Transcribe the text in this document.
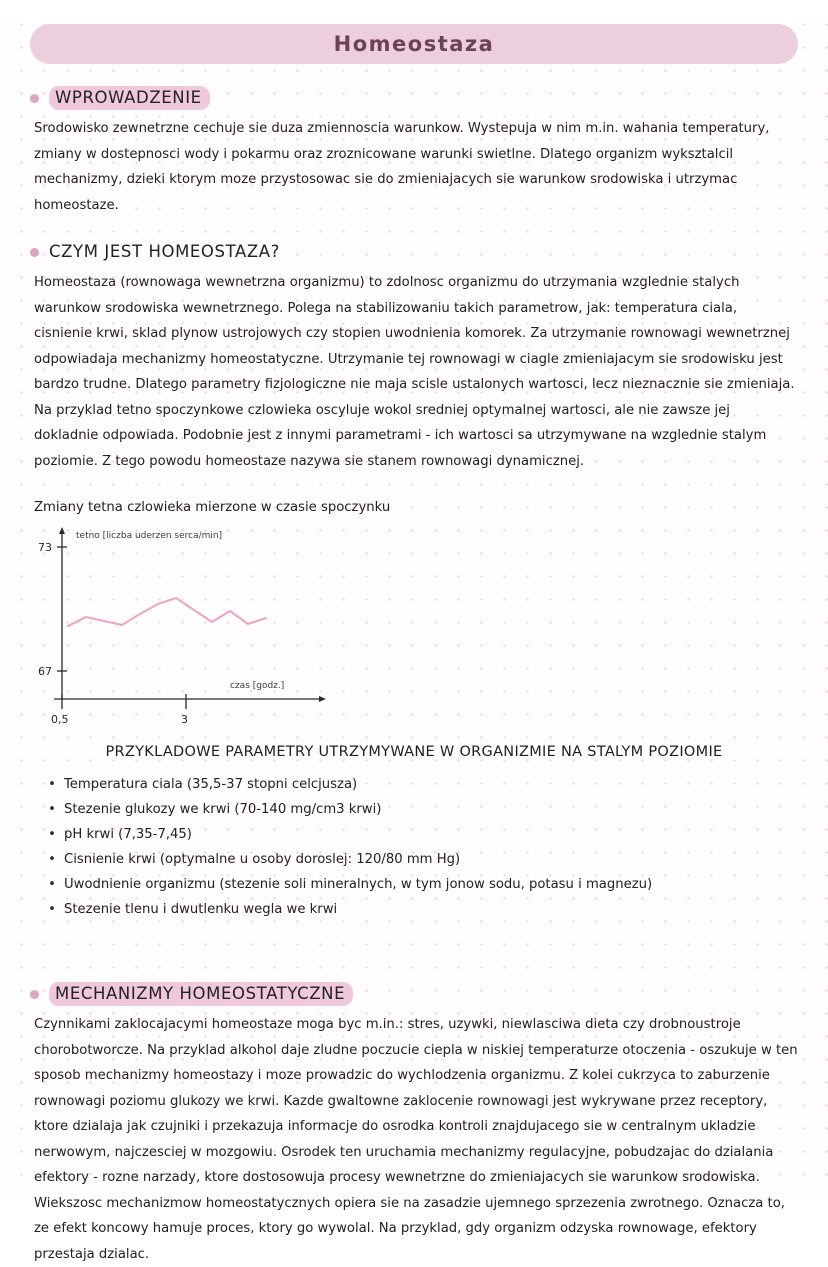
Homeostaza
WPROWADZENIE

Srodowisko zewnetrzne cechuje sie duza zmiennoscia warunkow. Wystepuja w nim m.in. wahania temperatury, zmiany w dostepnosci wody i pokarmu oraz zroznicowane warunki swietlne. Dlatego organizm wyksztalcil mechanizmy, dzieki ktorym moze przystosowac sie do zmieniajacych sie warunkow srodowiska i utrzymac homeostaze.

CZYM JEST HOMEOSTAZA?

Homeostaza (rownowaga wewnetrzna organizmu) to zdolnosc organizmu do utrzymania wzglednie stalych warunkow srodowiska wewnetrznego. Polega na stabilizowaniu takich parametrow, jak: temperatura ciala, cisnienie krwi, sklad plynow ustrojowych czy stopien uwodnienia komorek. Za utrzymanie rownowagi wewnetrznej odpowiadaja mechanizmy homeostatyczne. Utrzymanie tej rownowagi w ciagle zmieniajacym sie srodowisku jest bardzo trudne. Dlatego parametry fizjologiczne nie maja scisle ustalonych wartosci, lecz nieznacznie sie zmieniaja. Na przyklad tetno spoczynkowe czlowieka oscyluje wokol sredniej optymalnej wartosci, ale nie zawsze jej dokladnie odpowiada. Podobnie jest z innymi parametrami - ich wartosci sa utrzymywane na wzglednie stalym poziomie. Z tego powodu homeostaze nazywa sie stanem rownowagi dynamicznej.

Zmiany tetna czlowieka mierzone w czasie spoczynku
tetno [liczba uderzen serca/min]
czas [godz.]
73
67
0,5	3
PRZYKLADOWE PARAMETRY UTRZYMYWANE W ORGANIZMIE NA STALYM POZIOMIE
• Temperatura ciala (35,5-37 stopni celcjusza)
• Stezenie glukozy we krwi (70-140 mg/cm3 krwi)
• pH krwi (7,35-7,45)
• Cisnienie krwi (optymalne u osoby doroslej: 120/80 mm Hg)
• Uwodnienie organizmu (stezenie soli mineralnych, w tym jonow sodu, potasu i magnezu)
• Stezenie tlenu i dwutlenku wegla we krwi
MECHANIZMY HOMEOSTATYCZNE

Czynnikami zaklocajacymi homeostaze moga byc m.in.: stres, uzywki, niewlasciwa dieta czy drobnoustroje chorobotworcze. Na przyklad alkohol daje zludne poczucie ciepla w niskiej temperaturze otoczenia - oszukuje w ten sposob mechanizmy homeostazy i moze prowadzic do wychlodzenia organizmu. Z kolei cukrzyca to zaburzenie rownowagi poziomu glukozy we krwi. Kazde gwaltowne zaklocenie rownowagi jest wykrywane przez receptory, ktore dzialaja jak czujniki i przekazuja informacje do osrodka kontroli znajdujacego sie w centralnym ukladzie nerwowym, najczesciej w mozgowiu. Osrodek ten uruchamia mechanizmy regulacyjne, pobudzajac do dzialania efektory - rozne narzady, ktore dostosowuja procesy wewnetrzne do zmieniajacych sie warunkow srodowiska. Wiekszosc mechanizmow homeostatycznych opiera sie na zasadzie ujemnego sprzezenia zwrotnego. Oznacza to, ze efekt koncowy hamuje proces, ktory go wywolal. Na przyklad, gdy organizm odzyska rownowage, efektory przestaja dzialac.
